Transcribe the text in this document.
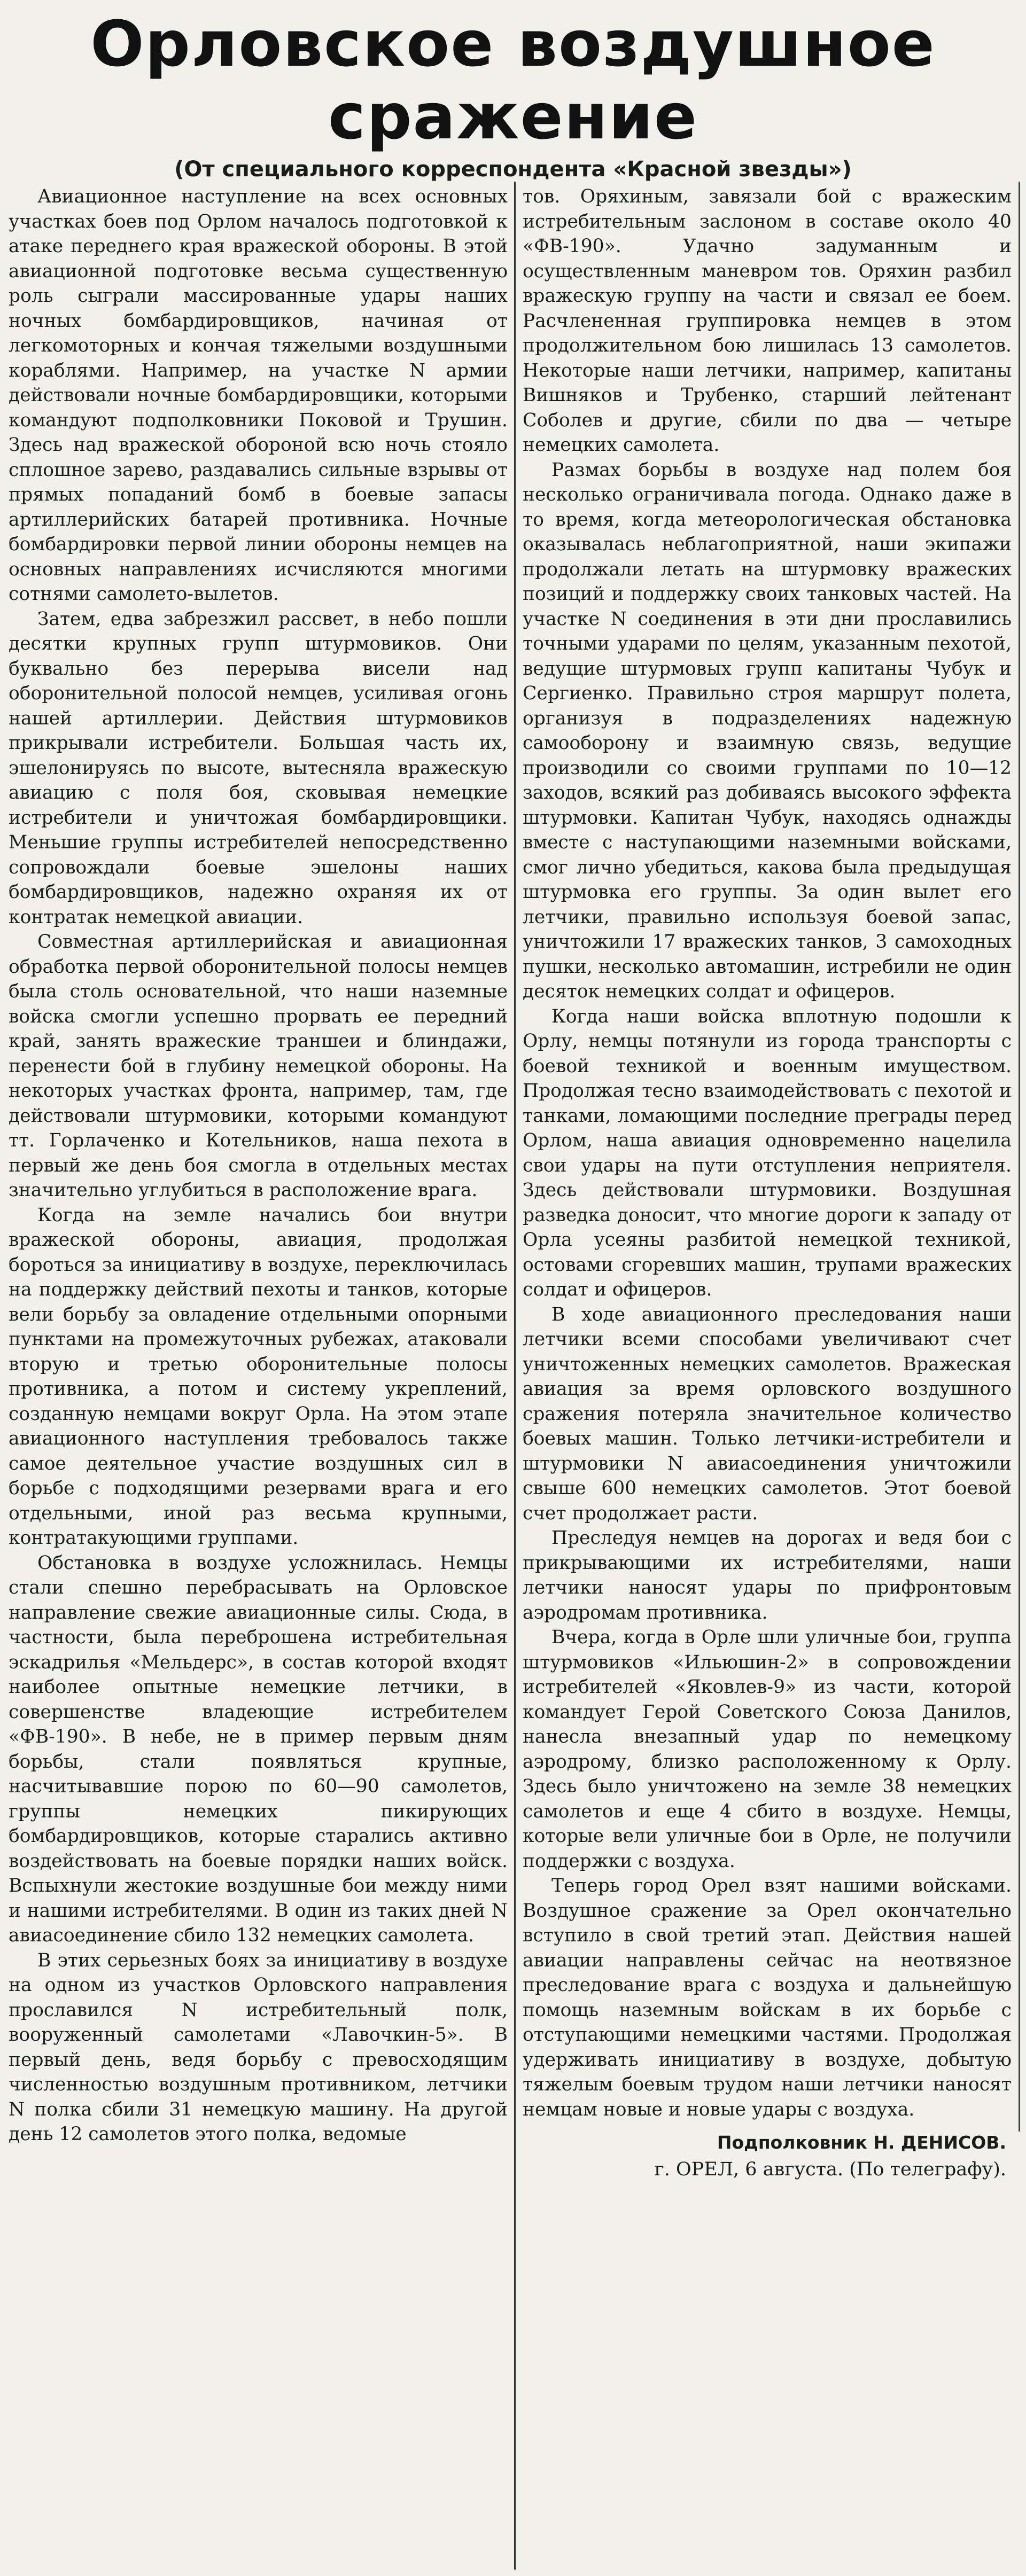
Орловское воздушное
сражение
(От специального корреспондента «Красной звезды»)

Авиационное наступление на всех основных участках боев под Орлом началось подготовкой к атаке переднего края вражеской обороны. В этой авиационной подготовке весьма существенную роль сыграли массированные удары наших ночных бомбардировщиков, начиная от легкомоторных и кончая тяжелыми воздушными кораблями. Например, на участке N армии действовали ночные бомбардировщики, которыми командуют подполковники Поковой и Трушин. Здесь над вражеской обороной всю ночь стояло сплошное зарево, раздавались сильные взрывы от прямых попаданий бомб в боевые запасы артиллерийских батарей противника. Ночные бомбардировки первой линии обороны немцев на основных направлениях исчисляются многими сотнями самолето-вылетов.

Затем, едва забрезжил рассвет, в небо пошли десятки крупных групп штурмовиков. Они буквально без перерыва висели над оборонительной полосой немцев, усиливая огонь нашей артиллерии. Действия штурмовиков прикрывали истребители. Большая часть их, эшелонируясь по высоте, вытесняла вражескую авиацию с поля боя, сковывая немецкие истребители и уничтожая бомбардировщики. Меньшие группы истребителей непосредственно сопровождали боевые эшелоны наших бомбардировщиков, надежно охраняя их от контратак немецкой авиации.

Совместная артиллерийская и авиационная обработка первой оборонительной полосы немцев была столь основательной, что наши наземные войска смогли успешно прорвать ее передний край, занять вражеские траншеи и блиндажи, перенести бой в глубину немецкой обороны. На некоторых участках фронта, например, там, где действовали штурмовики, которыми командуют тт. Горлаченко и Котельников, наша пехота в первый же день боя смогла в отдельных местах значительно углубиться в расположение врага.

Когда на земле начались бои внутри вражеской обороны, авиация, продолжая бороться за инициативу в воздухе, переключилась на поддержку действий пехоты и танков, которые вели борьбу за овладение отдельными опорными пунктами на промежуточных рубежах, атаковали вторую и третью оборонительные полосы противника, а потом и систему укреплений, созданную немцами вокруг Орла. На этом этапе авиационного наступления требовалось также самое деятельное участие воздушных сил в борьбе с подходящими резервами врага и его отдельными, иной раз весьма крупными, контратакующими группами.

Обстановка в воздухе усложнилась. Немцы стали спешно перебрасывать на Орловское направление свежие авиационные силы. Сюда, в частности, была переброшена истребительная эскадрилья «Мельдерс», в состав которой входят наиболее опытные немецкие летчики, в совершенстве владеющие истребителем «ФВ-190». В небе, не в пример первым дням борьбы, стали появляться крупные, насчитывавшие порою по 60—90 самолетов, группы немецких пикирующих бомбардировщиков, которые старались активно воздействовать на боевые порядки наших войск. Вспыхнули жестокие воздушные бои между ними и нашими истребителями. В один из таких дней N авиасоединение сбило 132 немецких самолета.

В этих серьезных боях за инициативу в воздухе на одном из участков Орловского направления прославился N истребительный полк, вооруженный самолетами «Лавочкин-5». В первый день, ведя борьбу с превосходящим численностью воздушным противником, летчики N полка сбили 31 немецкую машину. На другой день 12 самолетов этого полка, ведомые

тов. Оряхиным, завязали бой с вражеским истребительным заслоном в составе около 40 «ФВ-190». Удачно задуманным и осуществленным маневром тов. Оряхин разбил вражескую группу на части и связал ее боем. Расчлененная группировка немцев в этом продолжительном бою лишилась 13 самолетов. Некоторые наши летчики, например, капитаны Вишняков и Трубенко, старший лейтенант Соболев и другие, сбили по два — четыре немецких самолета.

Размах борьбы в воздухе над полем боя несколько ограничивала погода. Однако даже в то время, когда метеорологическая обстановка оказывалась неблагоприятной, наши экипажи продолжали летать на штурмовку вражеских позиций и поддержку своих танковых частей. На участке N соединения в эти дни прославились точными ударами по целям, указанным пехотой, ведущие штурмовых групп капитаны Чубук и Сергиенко. Правильно строя маршрут полета, организуя в подразделениях надежную самооборону и взаимную связь, ведущие производили со своими группами по 10—12 заходов, всякий раз добиваясь высокого эффекта штурмовки. Капитан Чубук, находясь однажды вместе с наступающими наземными войсками, смог лично убедиться, какова была предыдущая штурмовка его группы. За один вылет его летчики, правильно используя боевой запас, уничтожили 17 вражеских танков, 3 самоходных пушки, несколько автомашин, истребили не один десяток немецких солдат и офицеров.

Когда наши войска вплотную подошли к Орлу, немцы потянули из города транспорты с боевой техникой и военным имуществом. Продолжая тесно взаимодействовать с пехотой и танками, ломающими последние преграды перед Орлом, наша авиация одновременно нацелила свои удары на пути отступления неприятеля. Здесь действовали штурмовики. Воздушная разведка доносит, что многие дороги к западу от Орла усеяны разбитой немецкой техникой, остовами сгоревших машин, трупами вражеских солдат и офицеров.

В ходе авиационного преследования наши летчики всеми способами увеличивают счет уничтоженных немецких самолетов. Вражеская авиация за время орловского воздушного сражения потеряла значительное количество боевых машин. Только летчики-истребители и штурмовики N авиасоединения уничтожили свыше 600 немецких самолетов. Этот боевой счет продолжает расти.

Преследуя немцев на дорогах и ведя бои с прикрывающими их истребителями, наши летчики наносят удары по прифронтовым аэродромам противника.

Вчера, когда в Орле шли уличные бои, группа штурмовиков «Ильюшин-2» в сопровождении истребителей «Яковлев-9» из части, которой командует Герой Советского Союза Данилов, нанесла внезапный удар по немецкому аэродрому, близко расположенному к Орлу. Здесь было уничтожено на земле 38 немецких самолетов и еще 4 сбито в воздухе. Немцы, которые вели уличные бои в Орле, не получили поддержки с воздуха.

Теперь город Орел взят нашими войсками. Воздушное сражение за Орел окончательно вступило в свой третий этап. Действия нашей авиации направлены сейчас на неотвязное преследование врага с воздуха и дальнейшую помощь наземным войскам в их борьбе с отступающими немецкими частями. Продолжая удерживать инициативу в воздухе, добытую тяжелым боевым трудом наши летчики наносят немцам новые и новые удары с воздуха.

Подполковник Н. ДЕНИСОВ.
г. ОРЕЛ, 6 августа. (По телеграфу).
